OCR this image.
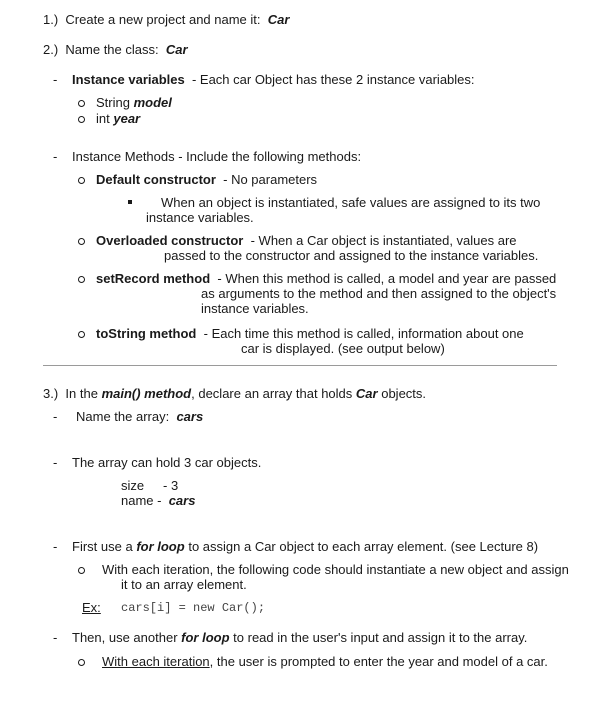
1.) Create a new project and name it: Car
2.) Name the class: Car
- Instance variables - Each car Object has these 2 instance variables:
String model
int year
- Instance Methods - Include the following methods:
Default constructor - No parameters
When an object is instantiated, safe values are assigned to its two
instance variables.
Overloaded constructor - When a Car object is instantiated, values are
passed to the constructor and assigned to the instance variables.
setRecord method - When this method is called, a model and year are passed
as arguments to the method and then assigned to the object's
instance variables.
toString method - Each time this method is called, information about one
car is displayed. (see output below)
3.) In the main() method, declare an array that holds Car objects.
- Name the array: cars
- The array can hold 3 car objects.
size - 3
name - cars
- First use a for loop to assign a Car object to each array element. (see Lecture 8)
With each iteration, the following code should instantiate a new object and assign
it to an array element.
Ex: cars[i] = new Car();
- Then, use another for loop to read in the user's input and assign it to the array.
With each iteration, the user is prompted to enter the year and model of a car.
